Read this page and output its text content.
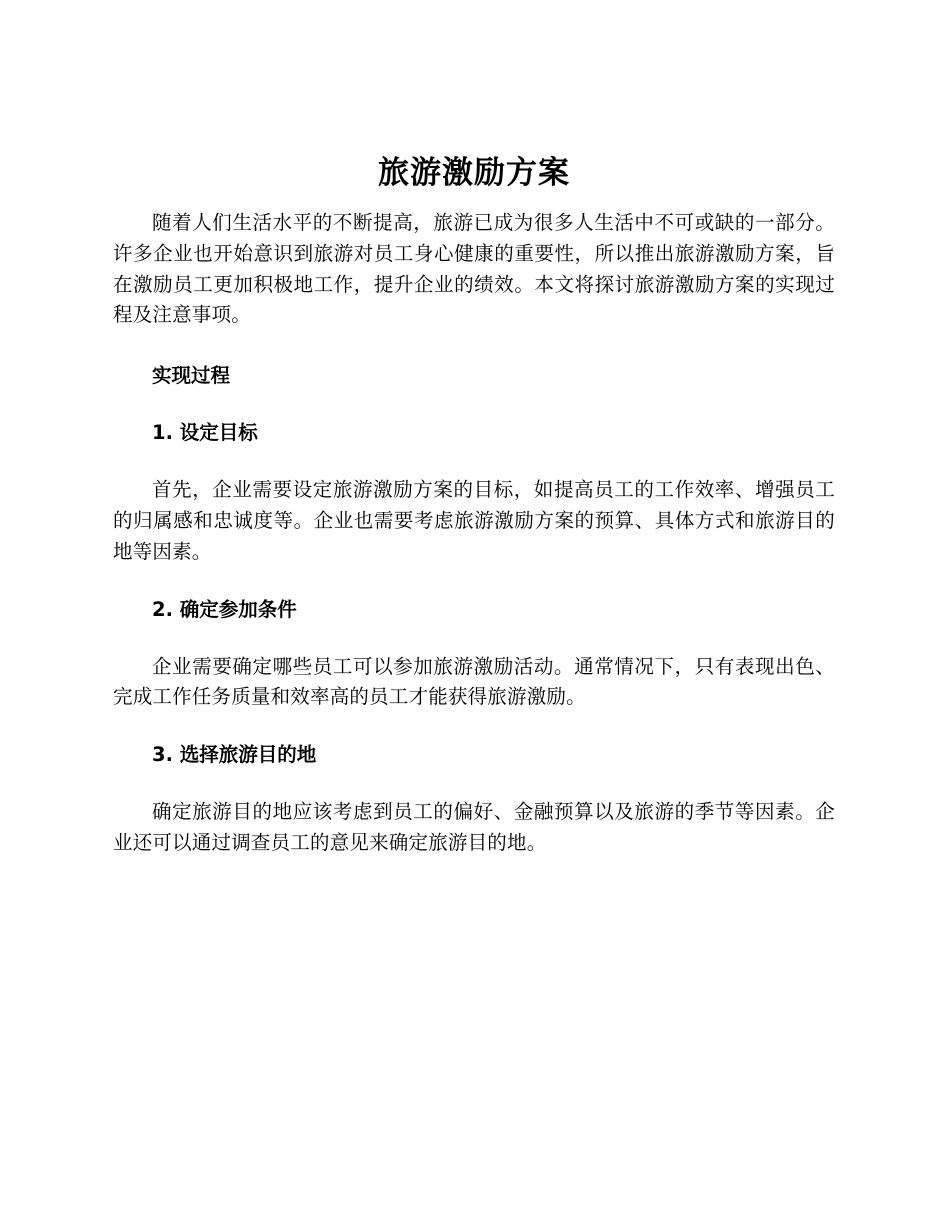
旅游激励方案

随着人们生活水平的不断提高，旅游已成为很多人生活中不可或缺的一部分。许多企业也开始意识到旅游对员工身心健康的重要性，所以推出旅游激励方案，旨在激励员工更加积极地工作，提升企业的绩效。本文将探讨旅游激励方案的实现过程及注意事项。

实现过程
1. 设定目标

首先，企业需要设定旅游激励方案的目标，如提高员工的工作效率、增强员工的归属感和忠诚度等。企业也需要考虑旅游激励方案的预算、具体方式和旅游目的地等因素。

2. 确定参加条件

企业需要确定哪些员工可以参加旅游激励活动。通常情况下，只有表现出色、完成工作任务质量和效率高的员工才能获得旅游激励。

3. 选择旅游目的地

确定旅游目的地应该考虑到员工的偏好、金融预算以及旅游的季节等因素。企业还可以通过调查员工的意见来确定旅游目的地。
